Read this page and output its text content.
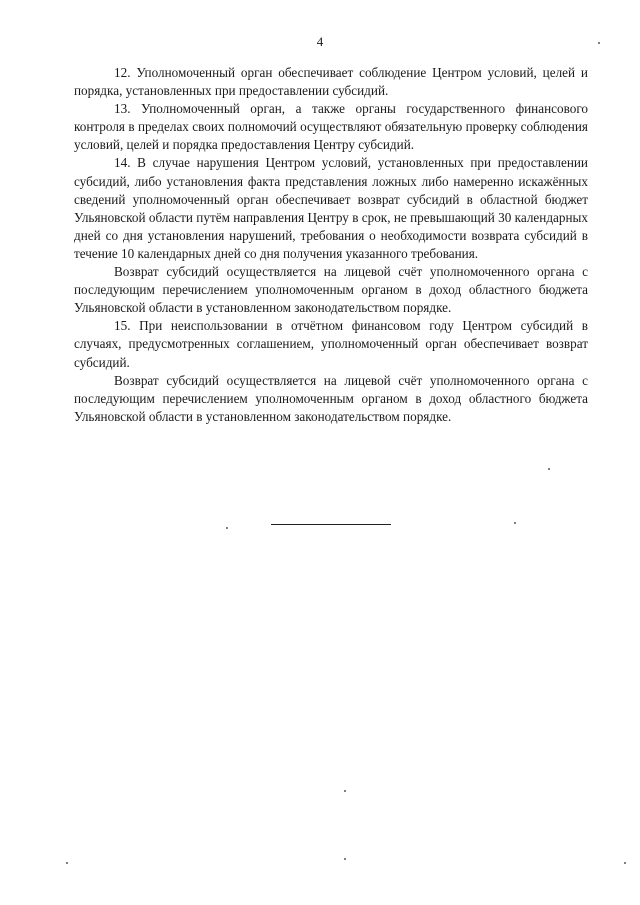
4

12. Уполномоченный орган обеспечивает соблюдение Центром условий, целей и порядка, установленных при предоставлении субсидий.

13. Уполномоченный орган, а также органы государственного финансового контроля в пределах своих полномочий осуществляют обязательную проверку соблюдения условий, целей и порядка предоставления Центру субсидий.

14. В случае нарушения Центром условий, установленных при предоставлении субсидий, либо установления факта представления ложных либо намеренно искажённых сведений уполномоченный орган обеспечивает возврат субсидий в областной бюджет Ульяновской области путём направления Центру в срок, не превышающий 30 календарных дней со дня установления нарушений, требования о необходимости возврата субсидий в течение 10 календарных дней со дня получения указанного требования.

Возврат субсидий осуществляется на лицевой счёт уполномоченного органа с последующим перечислением уполномоченным органом в доход областного бюджета Ульяновской области в установленном законодательством порядке.

15. При неиспользовании в отчётном финансовом году Центром субсидий в случаях, предусмотренных соглашением, уполномоченный орган обеспечивает возврат субсидий.

Возврат субсидий осуществляется на лицевой счёт уполномоченного органа с последующим перечислением уполномоченным органом в доход областного бюджета Ульяновской области в установленном законодательством порядке.
